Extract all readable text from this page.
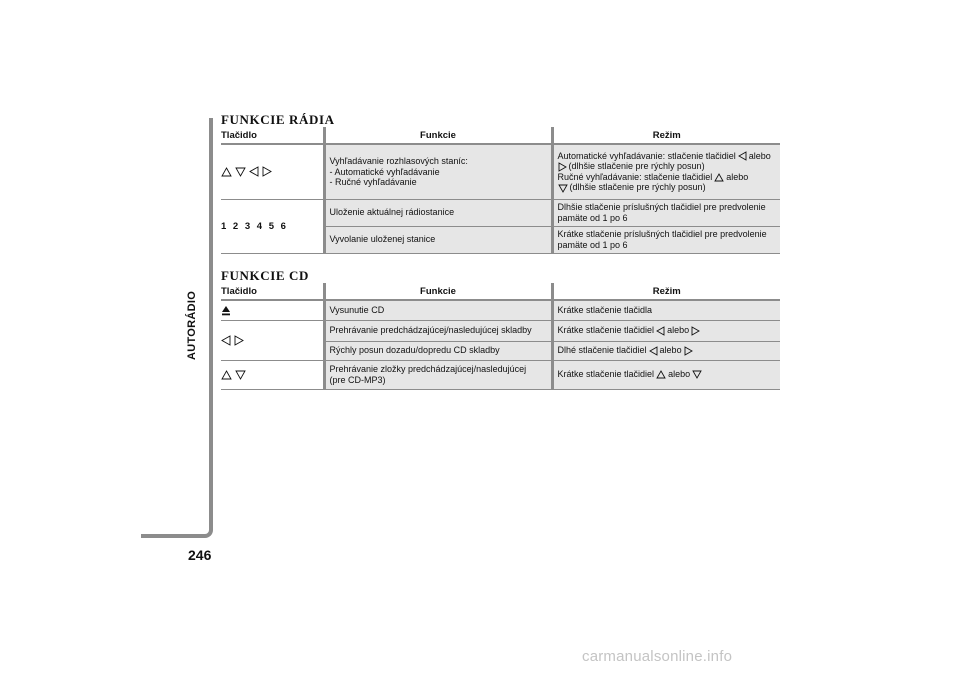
AUTORÁDIO
246
FUNKCIE RÁDIA
Tlačidlo	Funkcie	Režim

Vyhľadávanie rozhlasových staníc:
- Automatické vyhľadávanie
- Ručné vyhľadávanie	Automatické vyhľadávanie: stlačenie tlačidiel alebo
(dlhšie stlačenie pre rýchly posun)
Ručné vyhľadávanie: stlačenie tlačidiel alebo
(dlhšie stlačenie pre rýchly posun)

1 2 3 4 5 6	Uloženie aktuálnej rádiostanice	Dlhšie stlačenie príslušných tlačidiel pre predvolenie
pamäte od 1 po 6

	Vyvolanie uloženej stanice	Krátke stlačenie príslušných tlačidiel pre predvolenie
pamäte od 1 po 6
FUNKCIE CD
Tlačidlo	Funkcie	Režim
	Vysunutie CD	Krátke stlačenie tlačidla
	Prehrávanie predchádzajúcej/nasledujúcej skladby	Krátke stlačenie tlačidiel alebo
	Rýchly posun dozadu/dopredu CD skladby	Dlhé stlačenie tlačidiel alebo

Prehrávanie zložky predchádzajúcej/nasledujúcej
(pre CD-MP3)	Krátke stlačenie tlačidiel alebo
carmanualsonline.info
